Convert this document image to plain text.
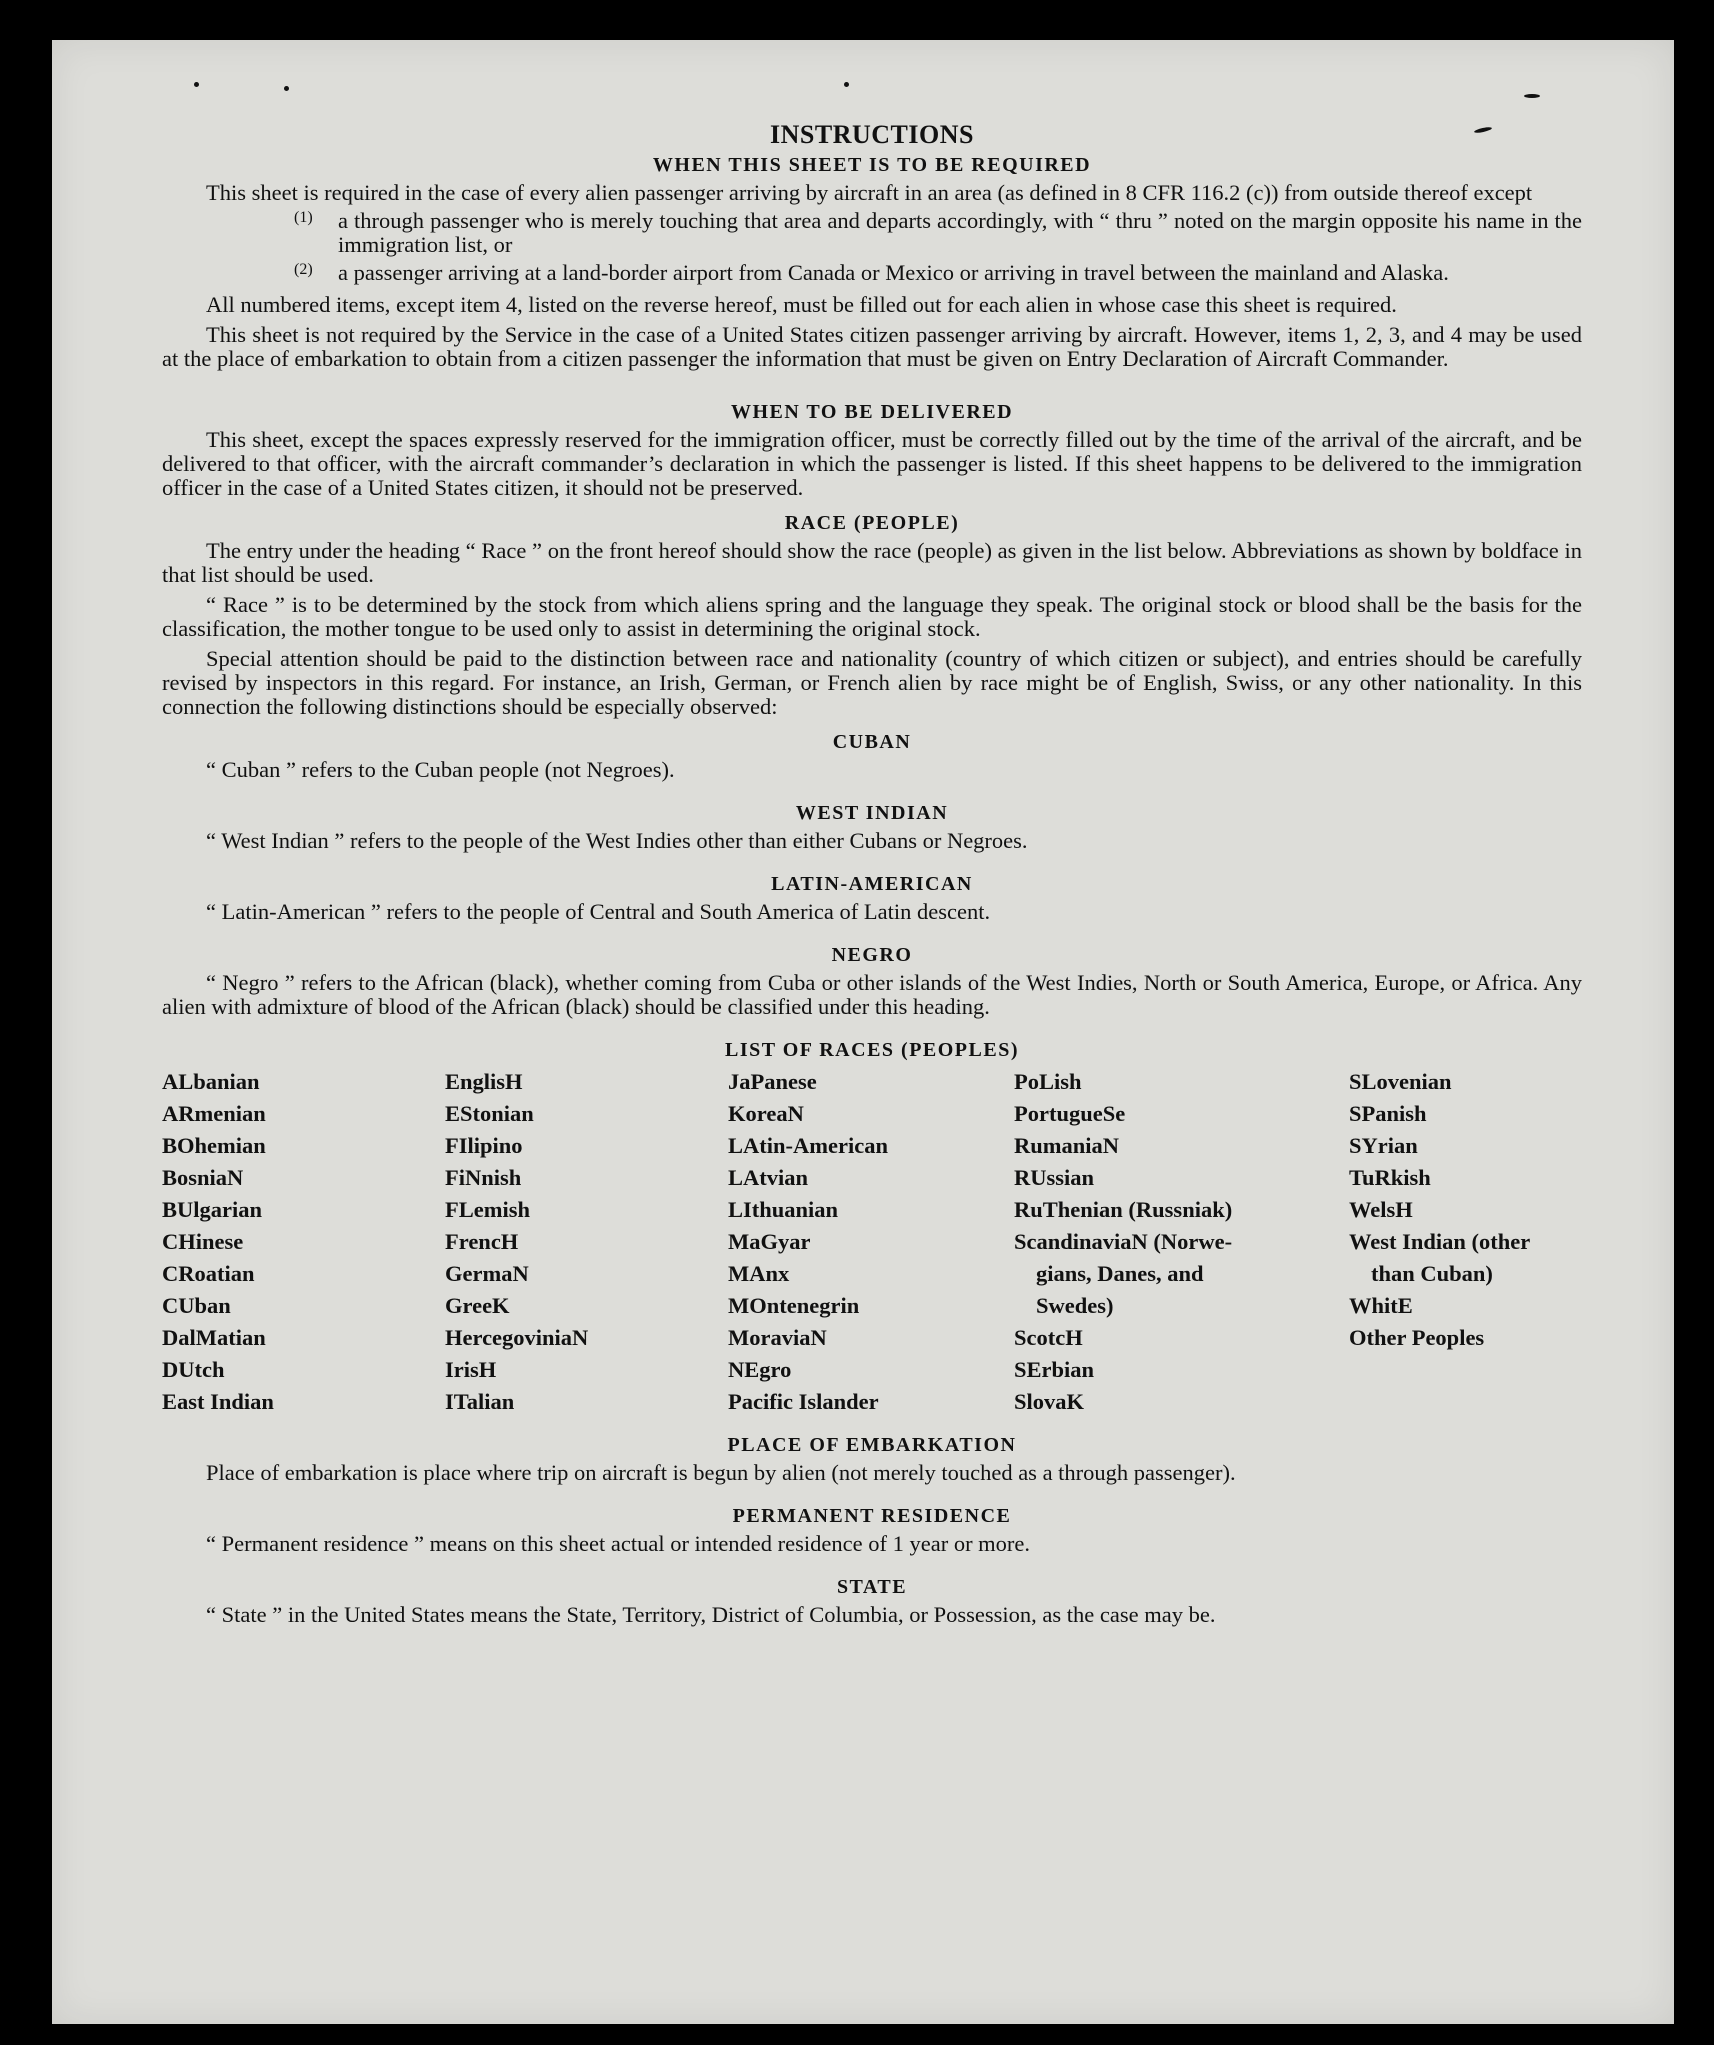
INSTRUCTIONS
WHEN THIS SHEET IS TO BE REQUIRED

This sheet is required in the case of every alien passenger arriving by aircraft in an area (as defined in 8 CFR 116.2 (c)) from outside thereof except

(1)	a through passenger who is merely touching that area and departs accordingly, with “ thru ” noted on the margin opposite his name in the immigration list, or

(2)	a passenger arriving at a land-border airport from Canada or Mexico or arriving in travel between the mainland and Alaska.

All numbered items, except item 4, listed on the reverse hereof, must be filled out for each alien in whose case this sheet is required.

This sheet is not required by the Service in the case of a United States citizen passenger arriving by aircraft. However, items 1, 2, 3, and 4 may be used at the place of embarkation to obtain from a citizen passenger the information that must be given on Entry Declaration of Aircraft Commander.

WHEN TO BE DELIVERED

This sheet, except the spaces expressly reserved for the immigration officer, must be correctly filled out by the time of the arrival of the aircraft, and be delivered to that officer, with the aircraft commander’s declaration in which the passenger is listed. If this sheet happens to be delivered to the immigration officer in the case of a United States citizen, it should not be preserved.

RACE (PEOPLE)

The entry under the heading “ Race ” on the front hereof should show the race (people) as given in the list below. Abbreviations as shown by boldface in that list should be used.

“ Race ” is to be determined by the stock from which aliens spring and the language they speak. The original stock or blood shall be the basis for the classification, the mother tongue to be used only to assist in determining the original stock.

Special attention should be paid to the distinction between race and nationality (country of which citizen or subject), and entries should be carefully revised by inspectors in this regard. For instance, an Irish, German, or French alien by race might be of English, Swiss, or any other nationality. In this connection the following distinctions should be especially observed:

CUBAN

“ Cuban ” refers to the Cuban people (not Negroes).

WEST INDIAN

“ West Indian ” refers to the people of the West Indies other than either Cubans or Negroes.

LATIN-AMERICAN

“ Latin-American ” refers to the people of Central and South America of Latin descent.

NEGRO

“ Negro ” refers to the African (black), whether coming from Cuba or other islands of the West Indies, North or South America, Europe, or Africa. Any alien with admixture of blood of the African (black) should be classified under this heading.

LIST OF RACES (PEOPLES)
ALbanian
ARmenian
BOhemian
BosniaN
BUlgarian
CHinese
CRoatian
CUban
DalMatian
DUtch
East Indian
EnglisH
EStonian
FIlipino
FiNnish
FLemish
FrencH
GermaN
GreeK
HercegoviniaN
IrisH
ITalian
JaPanese
KoreaN
LAtin-American
LAtvian
LIthuanian
MaGyar
MAnx
MOntenegrin
MoraviaN
NEgro
Pacific Islander
PoLish
PortugueSe
RumaniaN
RUssian
RuThenian (Russniak)
ScandinaviaN (Norwe-
gians, Danes, and
Swedes)
ScotcH
SErbian
SlovaK
SLovenian
SPanish
SYrian
TuRkish
WelsH
West Indian (other
than Cuban)
WhitE
Other Peoples
PLACE OF EMBARKATION

Place of embarkation is place where trip on aircraft is begun by alien (not merely touched as a through passenger).

PERMANENT RESIDENCE

“ Permanent residence ” means on this sheet actual or intended residence of 1 year or more.

STATE

“ State ” in the United States means the State, Territory, District of Columbia, or Possession, as the case may be.
